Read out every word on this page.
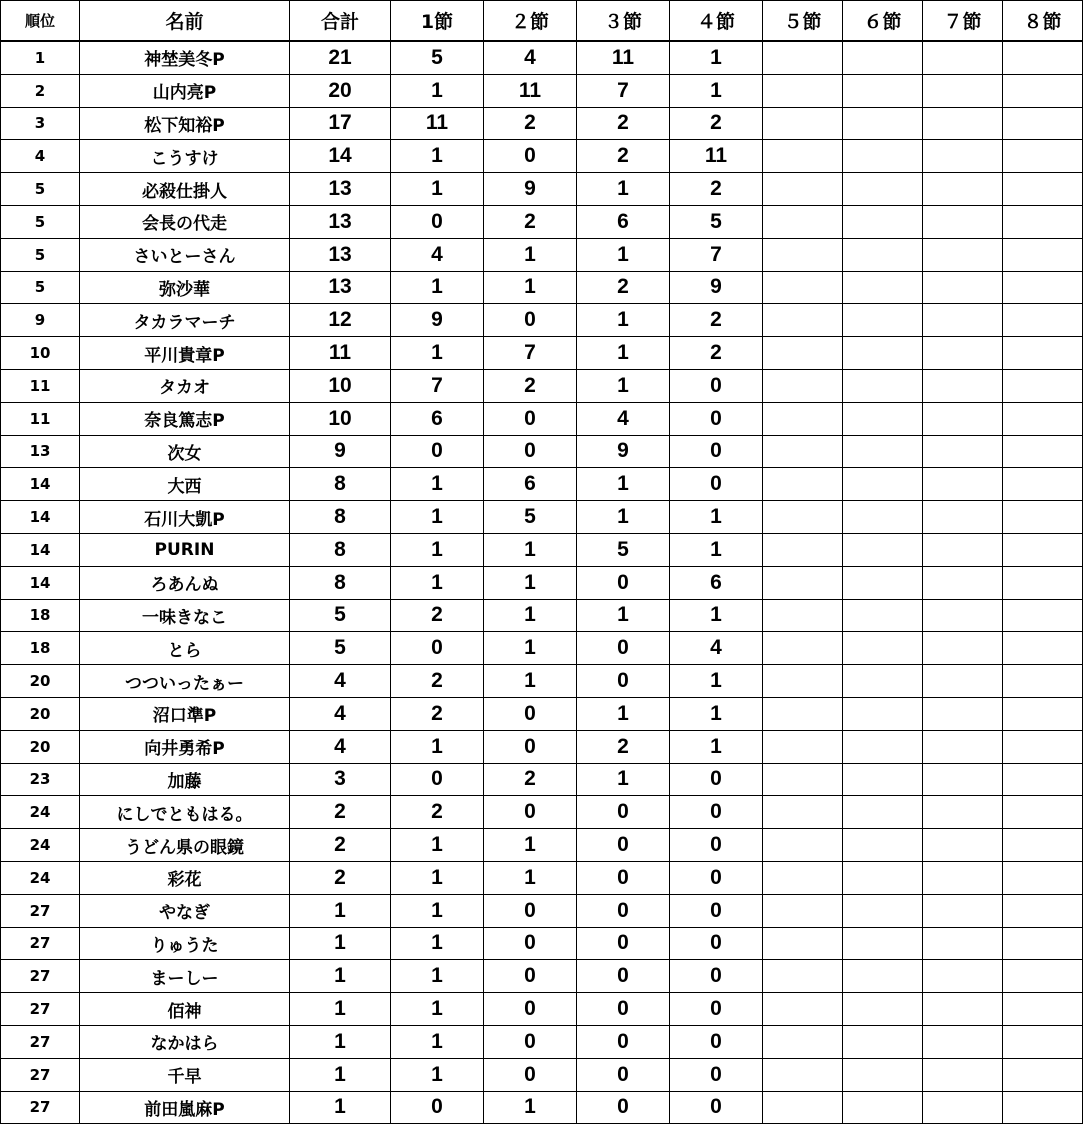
順位	名前	合計	1節	２節	３節	４節	５節	６節	７節	８節
1	神埜美冬P	21	5	4	11	1				
2	山内亮P	20	1	11	7	1				
3	松下知裕P	17	11	2	2	2				
4	こうすけ	14	1	0	2	11				
5	必殺仕掛人	13	1	9	1	2				
5	会長の代走	13	0	2	6	5				
5	さいとーさん	13	4	1	1	7				
5	弥沙華	13	1	1	2	9				
9	タカラマーチ	12	9	0	1	2				
10	平川貴章P	11	1	7	1	2				
11	タカオ	10	7	2	1	0				
11	奈良篤志P	10	6	0	4	0				
13	次女	9	0	0	9	0				
14	大西	8	1	6	1	0				
14	石川大凱P	8	1	5	1	1				
14	PURIN	8	1	1	5	1				
14	ろあんぬ	8	1	1	0	6				
18	一味きなこ	5	2	1	1	1				
18	とら	5	0	1	0	4				
20	つついったぁー	4	2	1	0	1				
20	沼口準P	4	2	0	1	1				
20	向井勇希P	4	1	0	2	1				
23	加藤	3	0	2	1	0				
24	にしでともはる。	2	2	0	0	0				
24	うどん県の眼鏡	2	1	1	0	0				
24	彩花	2	1	1	0	0				
27	やなぎ	1	1	0	0	0				
27	りゅうた	1	1	0	0	0				
27	まーしー	1	1	0	0	0				
27	佰神	1	1	0	0	0				
27	なかはら	1	1	0	0	0				
27	千早	1	1	0	0	0				
27	前田嵐麻P	1	0	1	0	0				
